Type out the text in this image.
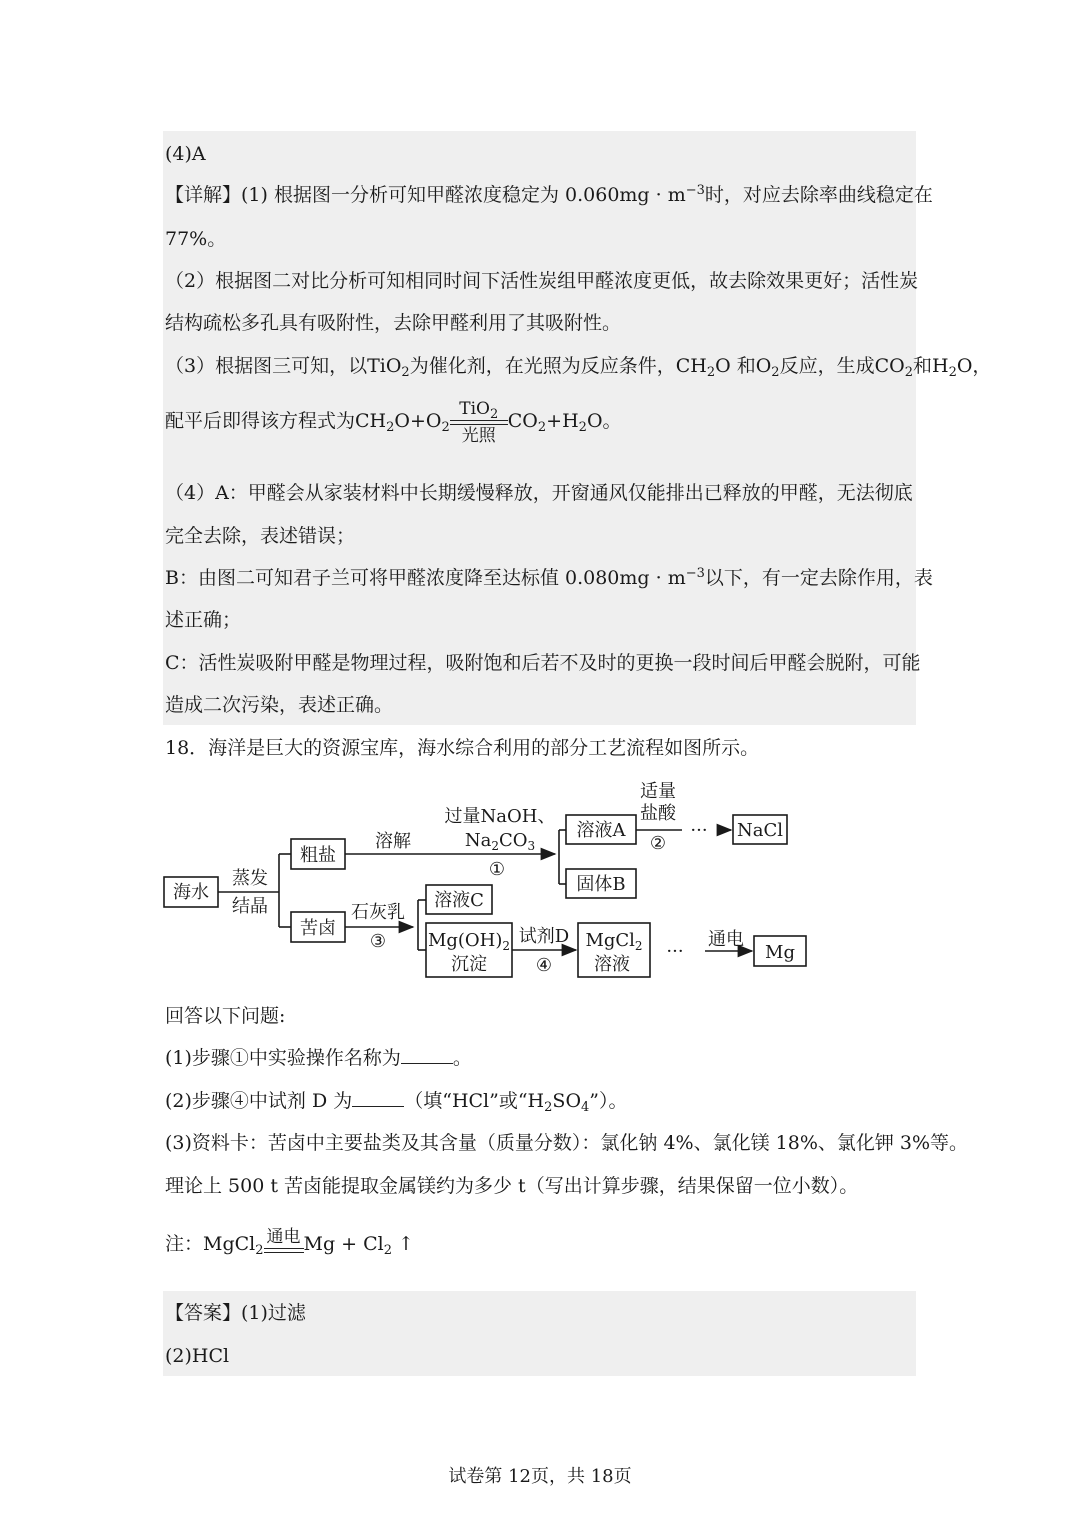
(4)A
【详解】(1) 根据图一分析可知甲醛浓度稳定为 $0.060mg \cdot m^{-3}$时，对应去除率曲线稳定在
77%。
（2）根据图二对比分析可知相同时间下活性炭组甲醛浓度更低，故去除效果更好；活性炭
结构疏松多孔具有吸附性，去除甲醛利用了其吸附性。
（3）根据图三可知，以TiO$_2$为催化剂，在光照为反应条件，$CH_2O$ 和$O_2$反应，生成$CO_2$和$H_2O$，
配平后即得该方程式为$CH_2O+O_2$
TiO$_2$
光照
$CO_2+H_2O$。
（4）A：甲醛会从家装材料中长期缓慢释放，开窗通风仅能排出已释放的甲醛，无法彻底
完全去除，表述错误；
B：由图二可知君子兰可将甲醛浓度降至达标值 $0.080mg \cdot m^{-3}$以下，有一定去除作用，表
述正确；
C：活性炭吸附甲醛是物理过程，吸附饱和后若不及时的更换一段时间后甲醛会脱附，可能
造成二次污染，表述正确。
18．海洋是巨大的资源宝库，海水综合利用的部分工艺流程如图所示。
海水
蒸发
结晶
粗盐
溶解
过量NaOH、
$Na_2CO_3$
①
溶液A
固体B
适量
盐酸
②
··· NaCl
苦卤
石灰乳
③
溶液C
$Mg(OH)_2$
沉淀
试剂D
④
MgCl$_2$
溶液
···
通电
Mg
回答以下问题:
(1)步骤①中实验操作名称为	。
(2)步骤④中试剂 D 为	（填“HCl”或“$H_2SO_4$”）。
(3)资料卡：苦卤中主要盐类及其含量（质量分数）：氯化钠 4%、氯化镁 18%、氯化钾 3%等。
理论上 500 t 苦卤能提取金属镁约为多少 t（写出计算步骤，结果保留一位小数）。
注：MgCl$_2$
通电 $Mg + Cl_2$ ↑
【答案】(1)过滤
(2)HCl
试卷第 12页，共 18页
